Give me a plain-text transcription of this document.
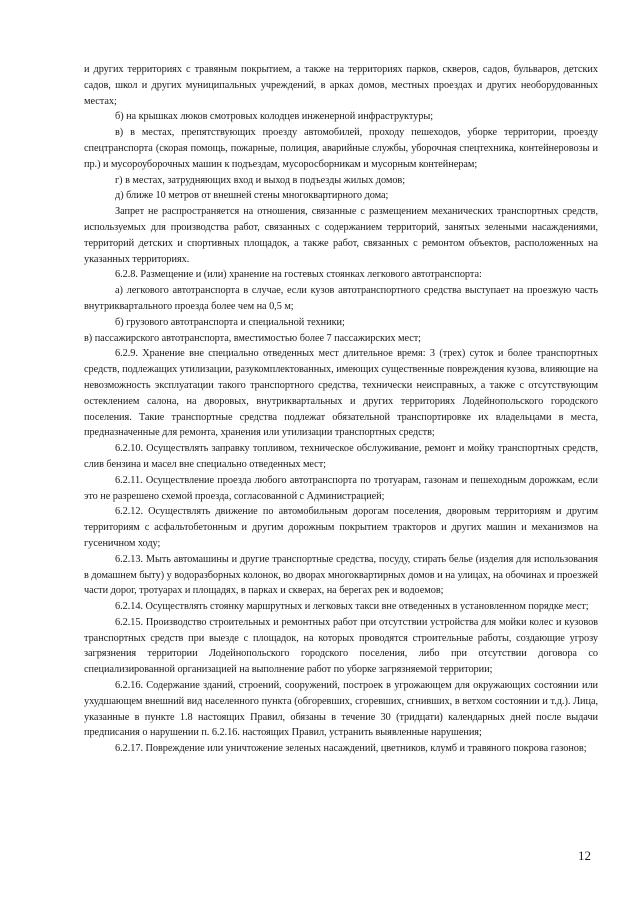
и других территориях с травяным покрытием, а также на территориях парков, скверов, садов, бульваров, детских садов, школ и других муниципальных учреждений, в арках домов, местных проездах и других необорудованных местах;

б) на крышках люков смотровых колодцев инженерной инфраструктуры;

в) в местах, препятствующих проезду автомобилей, проходу пешеходов, уборке территории, проезду спецтранспорта (скорая помощь, пожарные, полиция, аварийные службы, уборочная спецтехника, контейнеровозы и пр.) и мусороуборочных машин к подъездам, мусоросборникам и мусорным контейнерам;

г) в местах, затрудняющих вход и выход в подъезды жилых домов;

д) ближе 10 метров от внешней стены многоквартирного дома;

Запрет не распространяется на отношения, связанные с размещением механических транспортных средств, используемых для производства работ, связанных с содержанием территорий, занятых зелеными насаждениями, территорий детских и спортивных площадок, а также работ, связанных с ремонтом объектов, расположенных на указанных территориях.

6.2.8. Размещение и (или) хранение на гостевых стоянках легкового автотранспорта:

а) легкового автотранспорта в случае, если кузов автотранспортного средства выступает на проезжую часть внутриквартального проезда более чем на 0,5 м;

б) грузового автотранспорта и специальной техники;

в) пассажирского автотранспорта, вместимостью более 7 пассажирских мест;

6.2.9. Хранение вне специально отведенных мест длительное время: 3 (трех) суток и более транспортных средств, подлежащих утилизации, разукомплектованных, имеющих существенные повреждения кузова, влияющие на невозможность эксплуатации такого транспортного средства, технически неисправных, а также с отсутствующим остеклением салона, на дворовых, внутриквартальных и других территориях Лодейнопольского городского поселения. Такие транспортные средства подлежат обязательной транспортировке их владельцами в места, предназначенные для ремонта, хранения или утилизации транспортных средств;

6.2.10. Осуществлять заправку топливом, техническое обслуживание, ремонт и мойку транспортных средств, слив бензина и масел вне специально отведенных мест;

6.2.11. Осуществление проезда любого автотранспорта по тротуарам, газонам и пешеходным дорожкам, если это не разрешено схемой проезда, согласованной с Администрацией;

6.2.12. Осуществлять движение по автомобильным дорогам поселения, дворовым территориям и другим территориям с асфальтобетонным и другим дорожным покрытием тракторов и других машин и механизмов на гусеничном ходу;

6.2.13. Мыть автомашины и другие транспортные средства, посуду, стирать белье (изделия для использования в домашнем быту) у водоразборных колонок, во дворах многоквартирных домов и на улицах, на обочинах и проезжей части дорог, тротуарах и площадях, в парках и скверах, на берегах рек и водоемов;

6.2.14. Осуществлять стоянку маршрутных и легковых такси вне отведенных в установленном порядке мест;

6.2.15. Производство строительных и ремонтных работ при отсутствии устройства для мойки колес и кузовов транспортных средств при выезде с площадок, на которых проводятся строительные работы, создающие угрозу загрязнения территории Лодейнопольского городского поселения, либо при отсутствии договора со специализированной организацией на выполнение работ по уборке загрязняемой территории;

6.2.16. Содержание зданий, строений, сооружений, построек в угрожающем для окружающих состоянии или ухудшающем внешний вид населенного пункта (обгоревших, сгоревших, сгнивших, в ветхом состоянии и т.д.). Лица, указанные в пункте 1.8 настоящих Правил, обязаны в течение 30 (тридцати) календарных дней после выдачи предписания о нарушении п. 6.2.16. настоящих Правил, устранить выявленные нарушения;

6.2.17. Повреждение или уничтожение зеленых насаждений, цветников, клумб и травяного покрова газонов;

12
